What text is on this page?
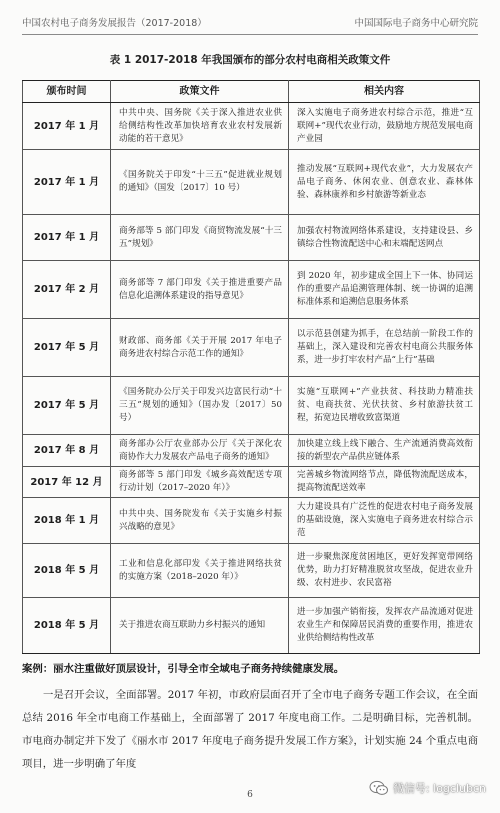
中国农村电子商务发展报告（2017-2018）	中国国际电子商务中心研究院
表 1 2017-2018 年我国颁布的部分农村电商相关政策文件
颁布时间	政策文件	相关内容
2017 年 1 月	中共中央、国务院《关于深入推进农业供给侧结构性改革加快培育农业农村发展新动能的若干意见》	深入实施电子商务进农村综合示范，推进“互联网+”现代农业行动，鼓励地方规范发展电商产业园
2017 年 1 月	《国务院关于印发“十三五”促进就业规划的通知》（国发〔2017〕10 号）	推动发展“互联网+现代农业”，大力发展农产品电子商务、休闲农业、创意农业、森林体验、森林康养和乡村旅游等新业态
2017 年 1 月	商务部等 5 部门印发《商贸物流发展“十三五”规划》	加强农村物流网络体系建设，支持建设县、乡镇综合性物流配送中心和末端配送网点
2017 年 2 月	商务部等 7 部门印发《关于推进重要产品信息化追溯体系建设的指导意见》	到 2020 年，初步建成全国上下一体、协同运作的重要产品追溯管理体制、统一协调的追溯标准体系和追溯信息服务体系
2017 年 5 月	财政部、商务部《关于开展 2017 年电子商务进农村综合示范工作的通知》	以示范县创建为抓手，在总结前一阶段工作的基础上，深入建设和完善农村电商公共服务体系，进一步打牢农村产品“上行”基础
2017 年 5 月	《国务院办公厅关于印发兴边富民行动“十三五”规划的通知》（国办发〔2017〕50 号）	实施“互联网+”产业扶贫、科技助力精准扶贫、电商扶贫、光伏扶贫、乡村旅游扶贫工程，拓宽边民增收致富渠道
2017 年 8 月	商务部办公厅农业部办公厅《关于深化农商协作大力发展农产品电子商务的通知》	加快建立线上线下融合、生产流通消费高效衔接的新型农产品供应链体系
2017 年 12 月	商务部等 5 部门印发《城乡高效配送专项行动计划（2017–2020 年）》	完善城乡物流网络节点，降低物流配送成本，提高物流配送效率
2018 年 1 月	中共中央、国务院发布《关于实施乡村振兴战略的意见》	大力建设具有广泛性的促进农村电子商务发展的基础设施，深入实施电子商务进农村综合示范
2018 年 5 月	工业和信息化部印发《关于推进网络扶贫的实施方案（2018–2020 年）》	进一步聚焦深度贫困地区，更好发挥宽带网络优势，助力打好精准脱贫攻坚战，促进农业升级、农村进步、农民富裕
2018 年 5 月	关于推进农商互联助力乡村振兴的通知	进一步加强产销衔接，发挥农产品流通对促进农业生产和保障居民消费的重要作用，推进农业供给侧结构性改革
案例：丽水注重做好顶层设计，引导全市全域电子商务持续健康发展。

一是召开会议，全面部署。2017 年初，市政府层面召开了全市电子商务专题工作会议，在全面总结 2016 年全市电商工作基础上，全面部署了 2017 年度电商工作。二是明确目标，完善机制。市电商办制定并下发了《丽水市 2017 年度电子商务提升发展工作方案》，计划实施 24 个重点电商项目，进一步明确了年度

6	微信号: logclubcn
